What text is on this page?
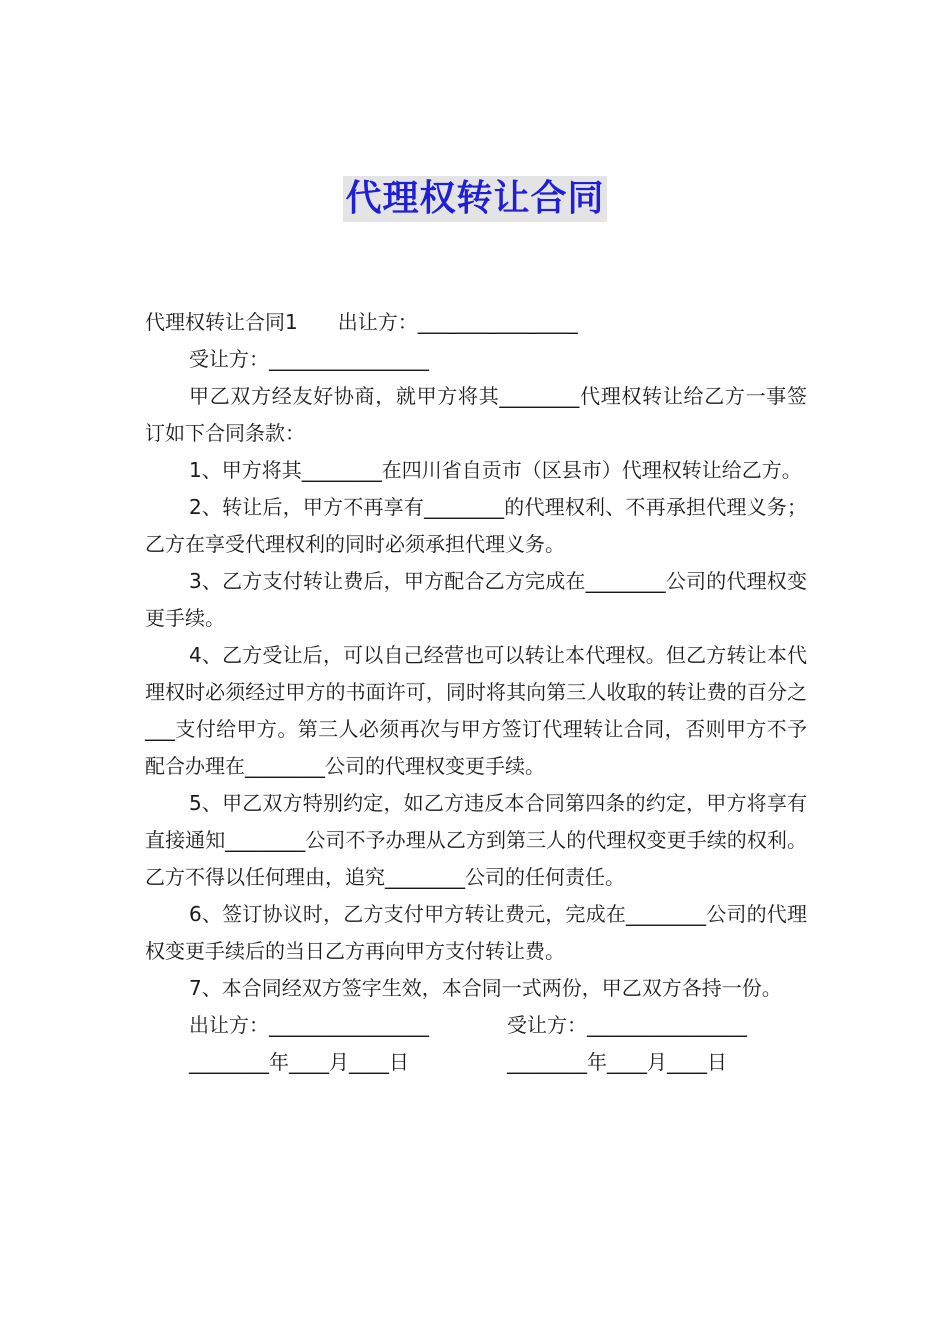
代理权转让合同
代理权转让合同1　　出让方：________________
受让方：________________

甲乙双方经友好协商，就甲方将其________代理权转让给乙方一事签订如下合同条款：

1、甲方将其________在四川省自贡市（区县市）代理权转让给乙方。

2、转让后，甲方不再享有________的代理权利、不再承担代理义务；乙方在享受代理权利的同时必须承担代理义务。

3、乙方支付转让费后，甲方配合乙方完成在________公司的代理权变更手续。

4、乙方受让后，可以自己经营也可以转让本代理权。但乙方转让本代理权时必须经过甲方的书面许可，同时将其向第三人收取的转让费的百分之___支付给甲方。第三人必须再次与甲方签订代理转让合同，否则甲方不予配合办理在________公司的代理权变更手续。

5、甲乙双方特别约定，如乙方违反本合同第四条的约定，甲方将享有直接通知________公司不予办理从乙方到第三人的代理权变更手续的权利。乙方不得以任何理由，追究________公司的任何责任。

6、签订协议时，乙方支付甲方转让费元，完成在________公司的代理权变更手续后的当日乙方再向甲方支付转让费。

7、本合同经双方签字生效，本合同一式两份，甲乙双方各持一份。

出让方：________________	受让方：________________
________年____月____日	________年____月____日
